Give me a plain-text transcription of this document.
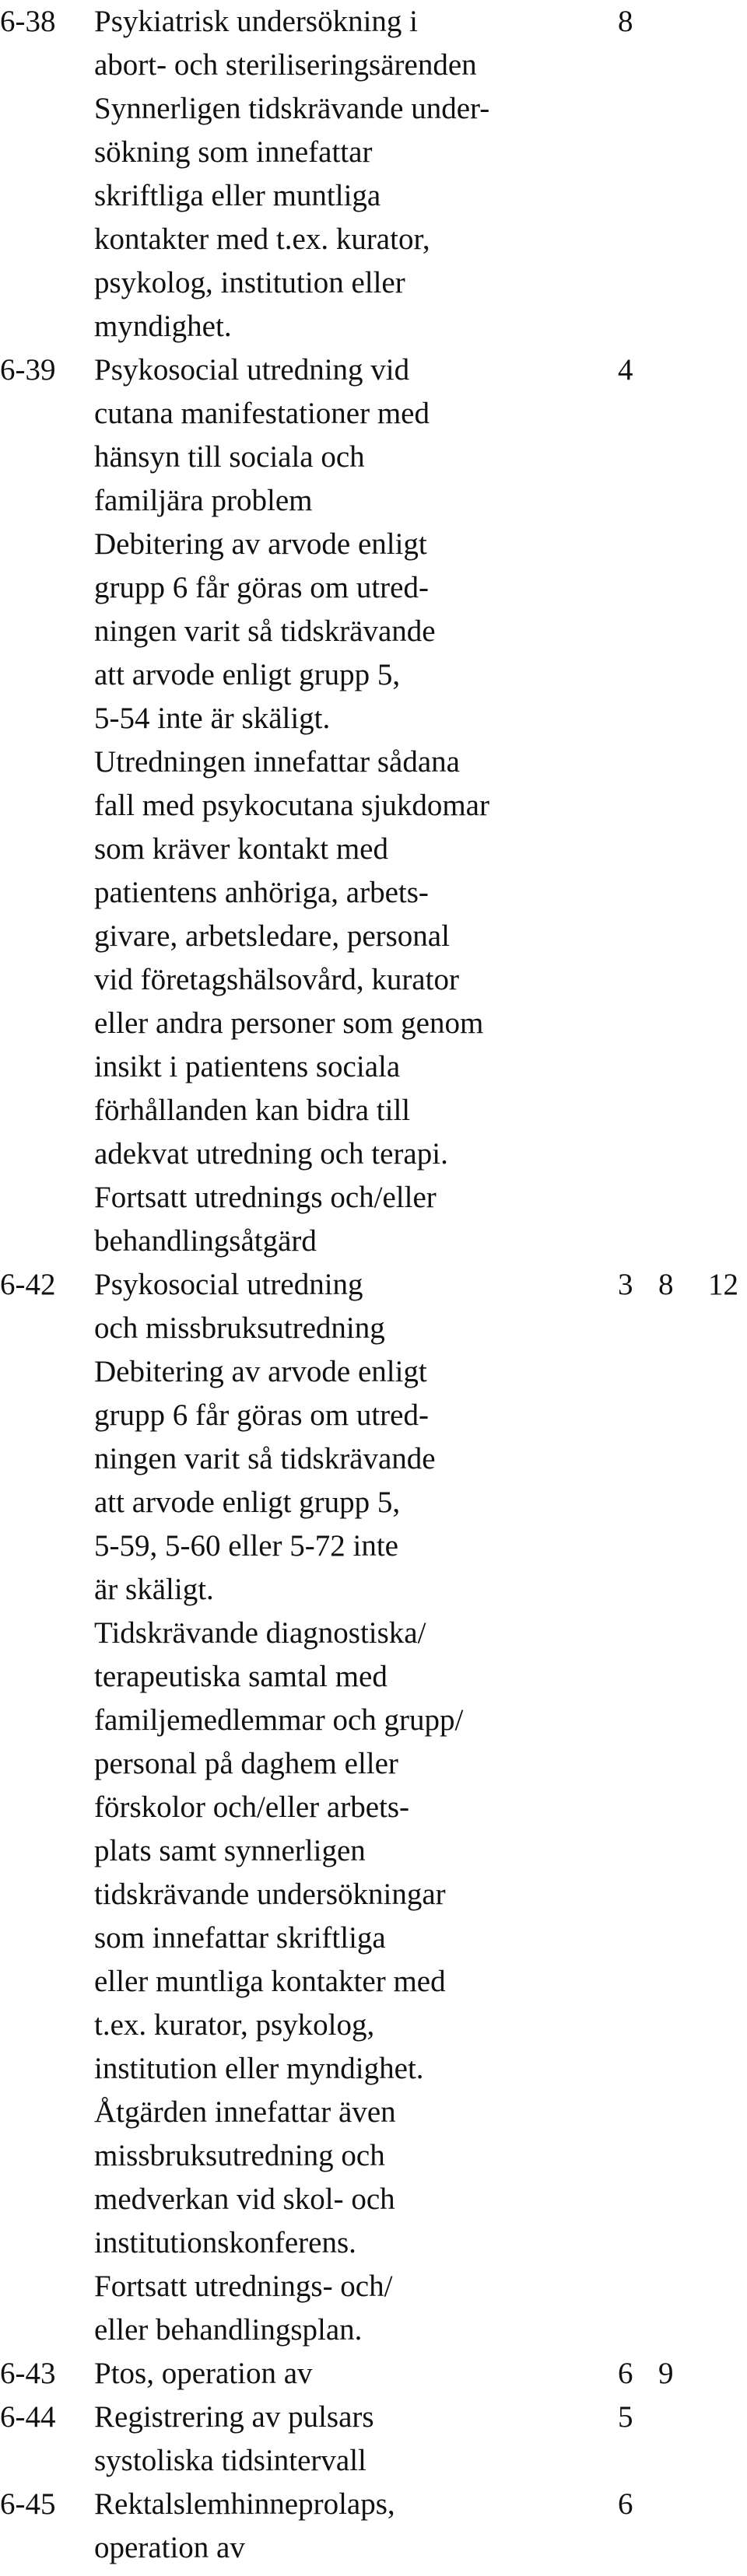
6-38 Psykiatrisk undersökning i
abort- och steriliseringsärenden
Synnerligen tidskrävande under-
sökning som innefattar
skriftliga eller muntliga
kontakter med t.ex. kurator,
psykolog, institution eller
myndighet.
8
6-39 Psykosocial utredning vid
cutana manifestationer med
hänsyn till sociala och
familjära problem
Debitering av arvode enligt
grupp 6 får göras om utred-
ningen varit så tidskrävande
att arvode enligt grupp 5,
5-54 inte är skäligt.
Utredningen innefattar sådana
fall med psykocutana sjukdomar
som kräver kontakt med
patientens anhöriga, arbets-
givare, arbetsledare, personal
vid företagshälsovård, kurator
eller andra personer som genom
insikt i patientens sociala
förhållanden kan bidra till
adekvat utredning och terapi.
Fortsatt utrednings och/eller
behandlingsåtgärd
4
6-42 Psykosocial utredning
och missbruksutredning
Debitering av arvode enligt
grupp 6 får göras om utred-
ningen varit så tidskrävande
att arvode enligt grupp 5,
5-59, 5-60 eller 5-72 inte
är skäligt.
Tidskrävande diagnostiska/
terapeutiska samtal med
familjemedlemmar och grupp/
personal på daghem eller
förskolor och/eller arbets-
plats samt synnerligen
tidskrävande undersökningar
som innefattar skriftliga
eller muntliga kontakter med
t.ex. kurator, psykolog,
institution eller myndighet.
Åtgärden innefattar även
missbruksutredning och
medverkan vid skol- och
institutionskonferens.
Fortsatt utrednings- och/
eller behandlingsplan.
3 8 12
6-43 Ptos, operation av	6 9
6-44 Registrering av pulsars
systoliska tidsintervall
5
6-45 Rektalslemhinneprolaps,
operation av
6
